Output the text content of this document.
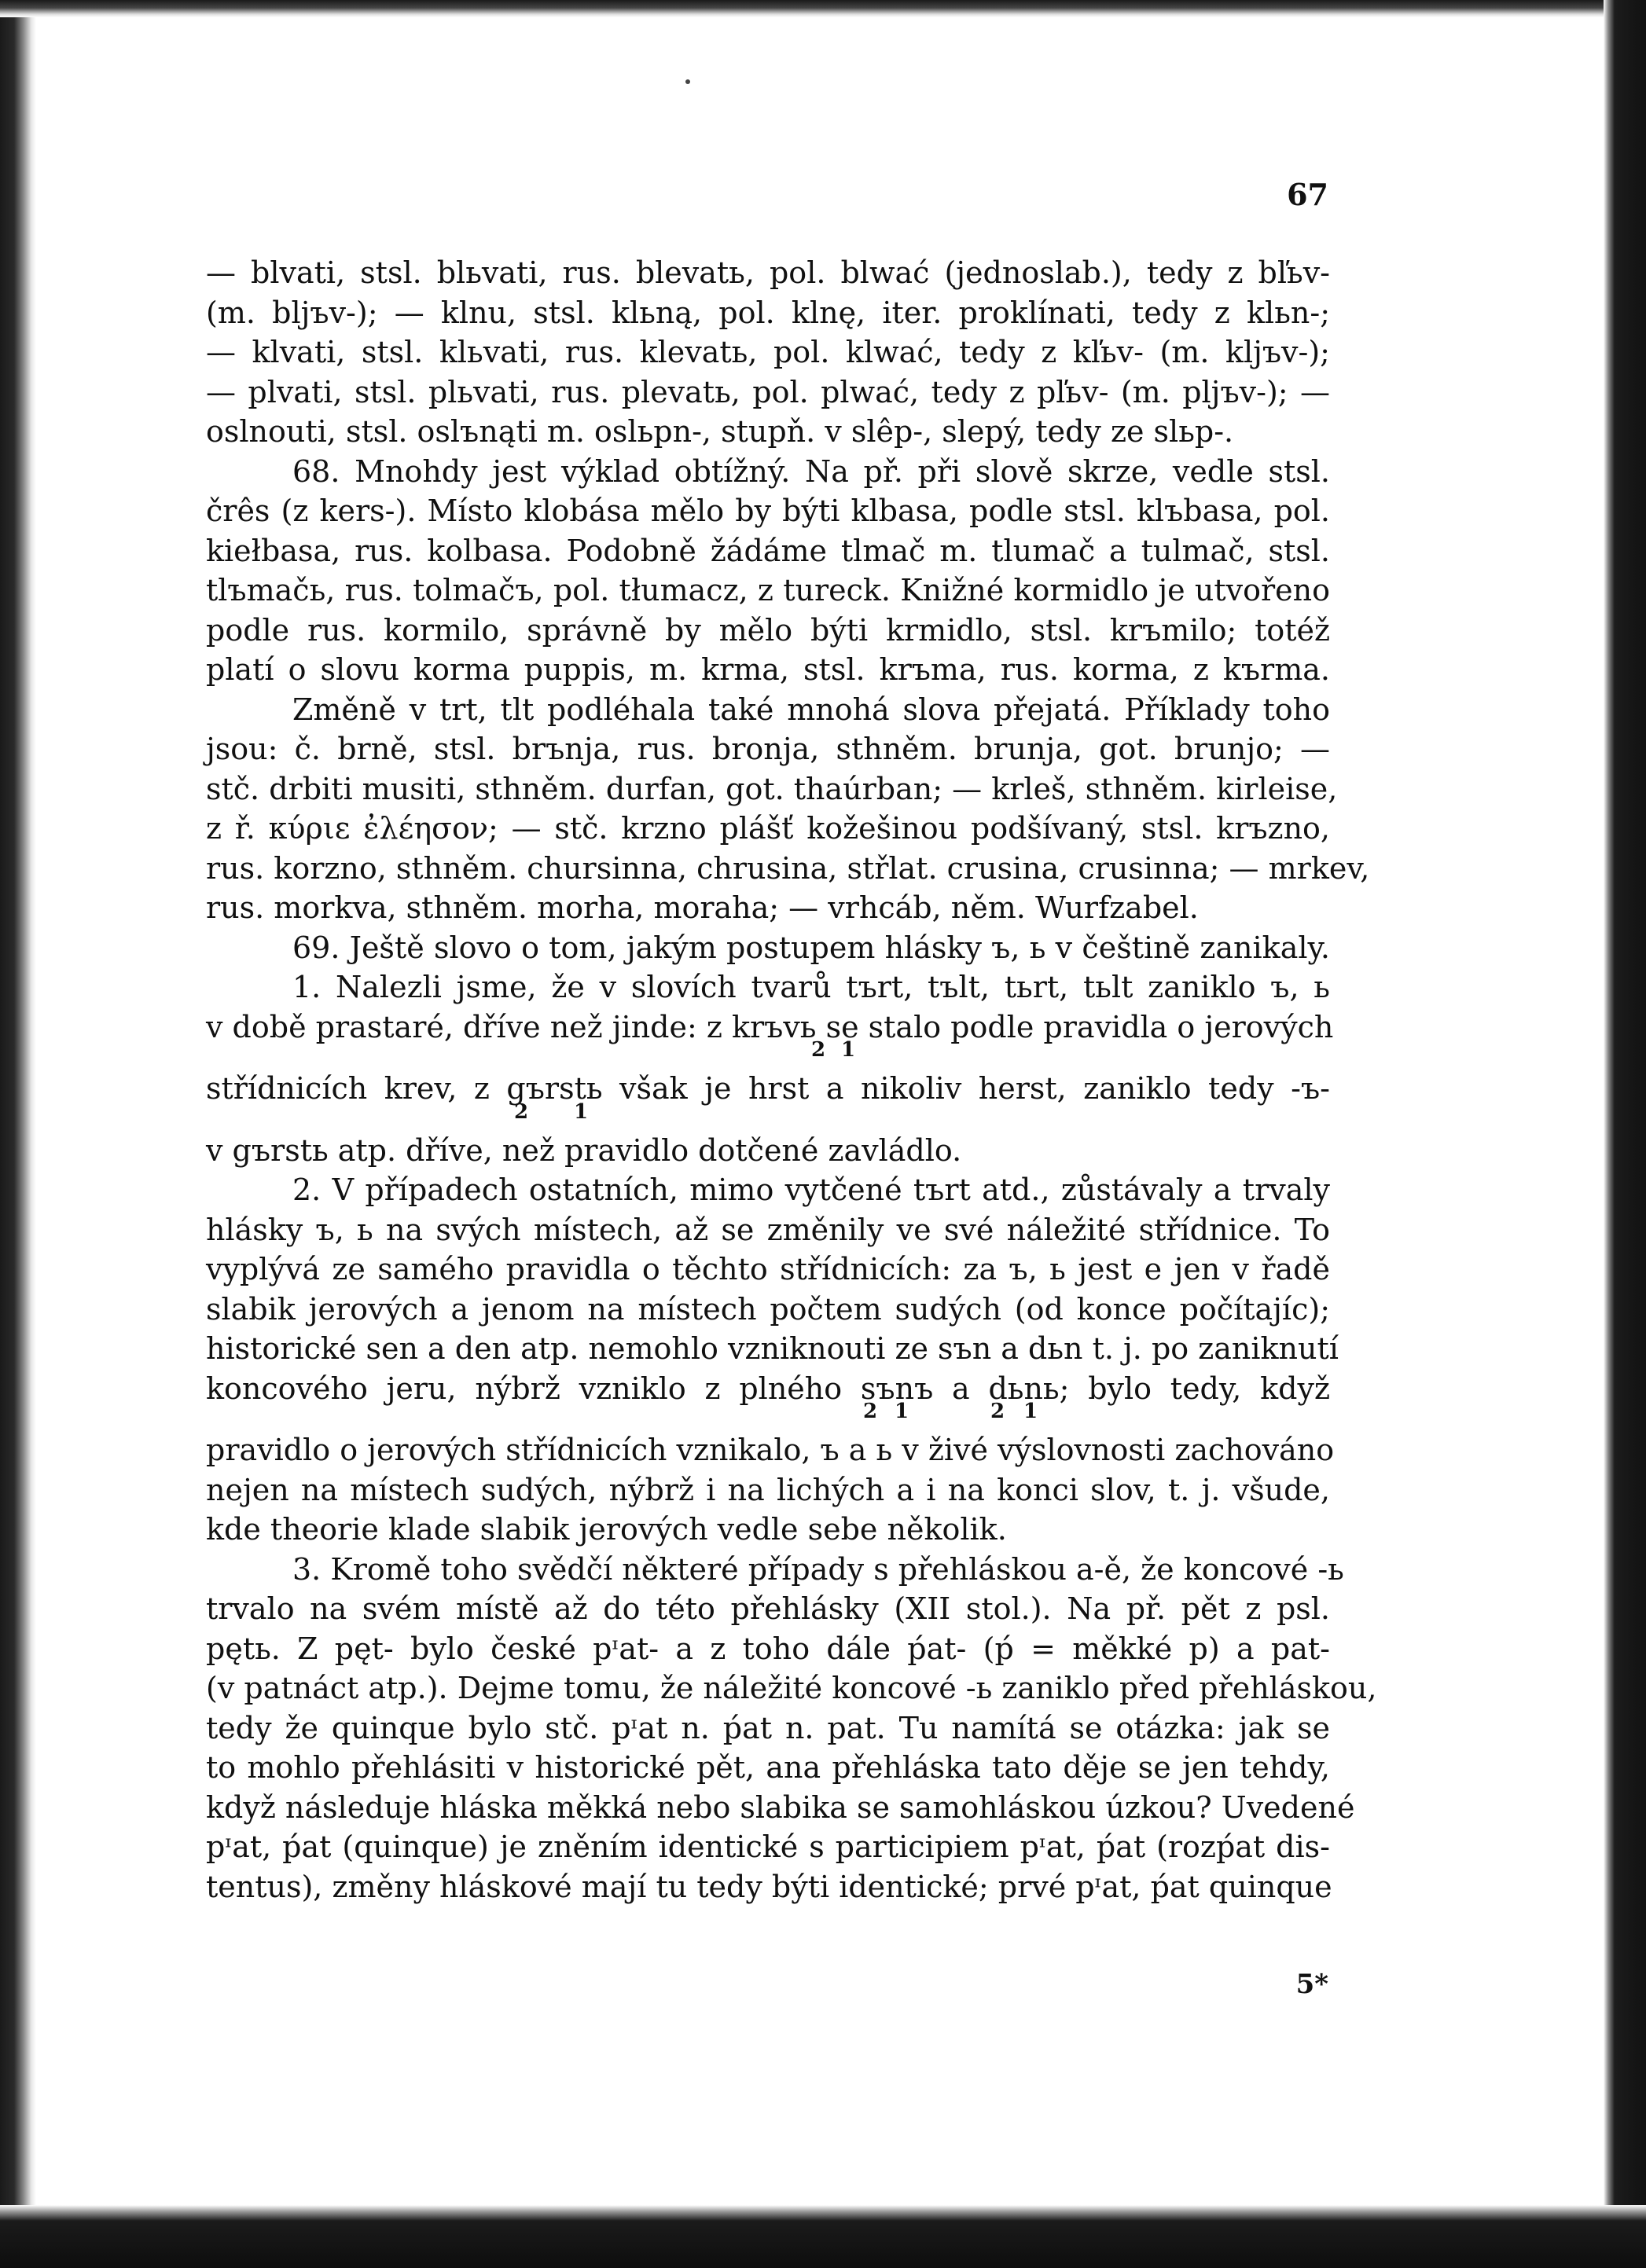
67
— blvati, stsl. blьvati, rus. blevatь, pol. blwać (jednoslab.), tedy z bľьv-
(m. bljъv-); — klnu, stsl. klьną, pol. klnę, iter. proklínati, tedy z klьn-;
— klvati, stsl. klьvati, rus. klevatь, pol. klwać, tedy z kľьv- (m. kljъv-);
— plvati, stsl. plьvati, rus. plevatь, pol. plwać, tedy z pľьv- (m. pljъv-); —
oslnouti, stsl. oslъnąti m. oslьpn-, stupň. v slêp-, slepý, tedy ze slьp-.
68. Mnohdy jest výklad obtížný. Na př. při slově skrze, vedle stsl.
črês (z kers-). Místo klobása mělo by býti klbasa, podle stsl. klъbasa, pol.
kiełbasa, rus. kolbasa. Podobně žádáme tlmač m. tlumač a tulmač, stsl.
tlъmačь, rus. tolmačъ, pol. tłumacz, z tureck. Knižné kormidlo je utvořeno
podle rus. kormilo, správně by mělo býti krmidlo, stsl. krъmilo; totéž
platí o slovu korma puppis, m. krma, stsl. krъma, rus. korma, z kъrma.
Změně v trt, tlt podléhala také mnohá slova přejatá. Příklady toho
jsou: č. brně, stsl. brъnja, rus. bronja, sthněm. brunja, got. brunjo; —
stč. drbiti musiti, sthněm. durfan, got. thaúrban; — krleš, sthněm. kirleise,
z ř. κύριε ἐλέησον; — stč. krzno plášť kožešinou podšívaný, stsl. krъzno,
rus. korzno, sthněm. chursinna, chrusina, střlat. crusina, crusinna; — mrkev,
rus. morkva, sthněm. morha, moraha; — vrhcáb, něm. Wurfzabel.
69. Ještě slovo o tom, jakým postupem hlásky ъ, ь v češtině zanikaly.
1. Nalezli jsme, že v slovích tvarů tъrt, tъlt, tьrt, tьlt zaniklo ъ, ь
v době prastaré, dříve než jinde: z krъvь se stalo podle pravidla o jerových
2 1
střídnicích krev, z gъrstь však je hrst a nikoliv herst, zaniklo tedy -ъ-
2 1
v gъrstь atp. dříve, než pravidlo dotčené zavládlo.
2. V případech ostatních, mimo vytčené tъrt atd., zůstávaly a trvaly
hlásky ъ, ь na svých místech, až se změnily ve své náležité střídnice. To
vyplývá ze samého pravidla o těchto střídnicích: za ъ, ь jest e jen v řadě
slabik jerových a jenom na místech počtem sudých (od konce počítajíc);
historické sen a den atp. nemohlo vzniknouti ze sъn a dьn t. j. po zaniknutí
koncového jeru, nýbrž vzniklo z plného sъnъ a dьnь; bylo tedy, když
2 1	2 1
pravidlo o jerových střídnicích vznikalo, ъ a ь v živé výslovnosti zachováno
nejen na místech sudých, nýbrž i na lichých a i na konci slov, t. j. všude,
kde theorie klade slabik jerových vedle sebe několik.
3. Kromě toho svědčí některé případy s přehláskou a-ě, že koncové -ь
trvalo na svém místě až do této přehlásky (XII stol.). Na př. pět z psl.
pętь. Z pęt- bylo české pᶦat- a z toho dále ṕat- (ṕ = měkké p) a pat-
(v patnáct atp.). Dejme tomu, že náležité koncové -ь zaniklo před přehláskou,
tedy že quinque bylo stč. pᶦat n. ṕat n. pat. Tu namítá se otázka: jak se
to mohlo přehlásiti v historické pět, ana přehláska tato děje se jen tehdy,
když následuje hláska měkká nebo slabika se samohláskou úzkou? Uvedené
pᶦat, ṕat (quinque) je zněním identické s participiem pᶦat, ṕat (rozṕat dis-
tentus), změny hláskové mají tu tedy býti identické; prvé pᶦat, ṕat quinque
5*
